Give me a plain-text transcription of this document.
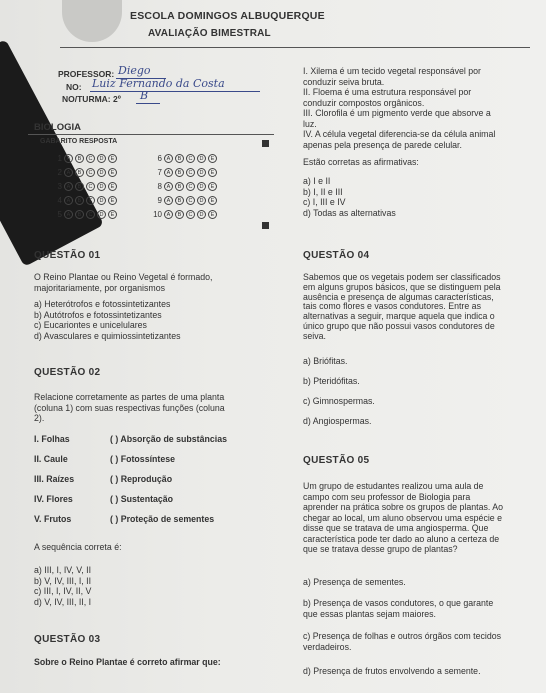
ESCOLA DOMINGOS ALBUQUERQUE
AVALIAÇÃO BIMESTRAL
PROFESSOR: Diego
NO: Luiz Fernando da Costa
NO/TURMA: 2º B
BIOLOGIA
GABARITO RESPOSTA
1 A	B	C	D	E
2 A	B	C	D	E
3 A	B	C	D	E
4 A	B	C	D	E
5 A	B	C	D	E
6 A	B	C	D	E
7 A	B	C	D	E
8 A	B	C	D	E
9 A	B	C	D	E
10 A	B	C	D	E
I. Xilema é um tecido vegetal responsável por
conduzir seiva bruta.
II. Floema é uma estrutura responsável por
conduzir compostos orgânicos.
III. Clorofila é um pigmento verde que absorve a
luz.
IV. A célula vegetal diferencia-se da célula animal
apenas pela presença de parede celular.
Estão corretas as afirmativas:
a) I e II
b) I, II e III
c) I, III e IV
d) Todas as alternativas
QUESTÃO 01
O Reino Plantae ou Reino Vegetal é formado,
majoritariamente, por organismos
a) Heterótrofos e fotossintetizantes
b) Autótrofos e fotossintetizantes
c) Eucariontes e unicelulares
d) Avasculares e quimiossintetizantes
QUESTÃO 02
Relacione corretamente as partes de uma planta
(coluna 1) com suas respectivas funções (coluna
2).
I. Folhas	( ) Absorção de substâncias
II. Caule	( ) Fotossíntese
III. Raízes	( ) Reprodução
IV. Flores	( ) Sustentação
V. Frutos	( ) Proteção de sementes
A sequência correta é:
a) III, I, IV, V, II
b) V, IV, III, I, II
c) III, I, IV, II, V
d) V, IV, III, II, I
QUESTÃO 03
Sobre o Reino Plantae é correto afirmar que:
QUESTÃO 04
Sabemos que os vegetais podem ser classificados
em alguns grupos básicos, que se distinguem pela
ausência e presença de algumas características,
tais como flores e vasos condutores. Entre as
alternativas a seguir, marque aquela que indica o
único grupo que não possui vasos condutores de
seiva.
a) Briófitas.
b) Pteridófitas.
c) Gimnospermas.
d) Angiospermas.
QUESTÃO 05
Um grupo de estudantes realizou uma aula de
campo com seu professor de Biologia para
aprender na prática sobre os grupos de plantas. Ao
chegar ao local, um aluno observou uma espécie e
disse que se tratava de uma angiosperma. Que
característica pode ter dado ao aluno a certeza de
que se tratava desse grupo de plantas?
a) Presença de sementes.
b) Presença de vasos condutores, o que garante
que essas plantas sejam maiores.
c) Presença de folhas e outros órgãos com tecidos
verdadeiros.
d) Presença de frutos envolvendo a semente.
